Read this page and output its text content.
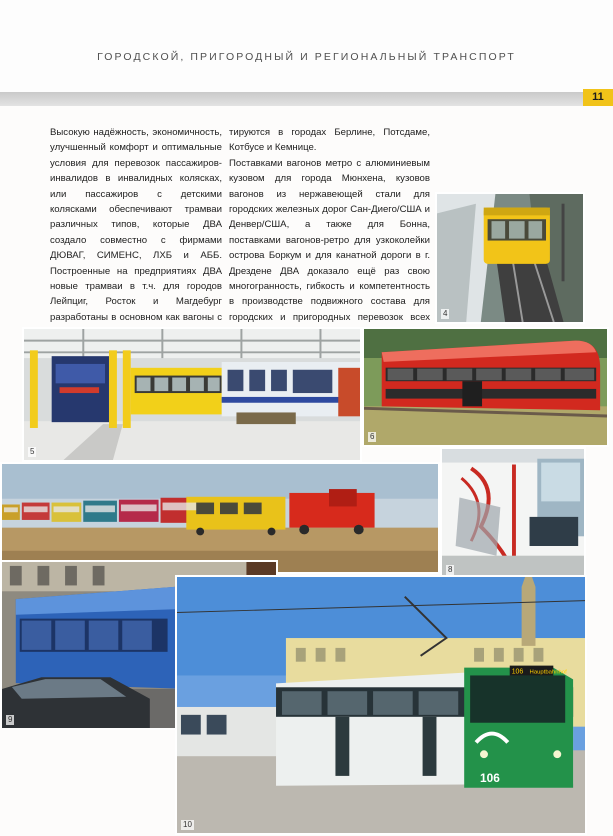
ГОРОДСКОЙ, ПРИГОРОДНЫЙ И РЕГИОНАЛЬНЫЙ ТРАНСПОРТ
11

Высокую надёжность, экономичность, улучшенный комфорт и оптимальные условия для перевозок пассажиров-инвалидов в инвалидных колясках, или пассажиров с детскими колясками обеспечивают трамваи различных типов, которые ДВА создало совместно с фирмами ДЮВАГ, СИМЕНС, ЛХБ и АББ. Построенные на предприятиях ДВА новые трамваи в т.ч. для городов Лейпциг, Росток и Магдебург разработаны в основном как вагоны с

тируются в городах Берлине, Потсдаме, Котбусе и Кемнице.

Поставками вагонов метро с алюминиевым кузовом для города Мюнхена, кузовов вагонов из нержавеющей стали для городских железных дорог Сан-Диего/США и Денвер/США, а также для Бонна, поставками вагонов-ретро для узкоколейки острова Боркум и для канатной дороги в г. Дрездене ДВА доказало ещё раз свою многогранность, гибкость и компетентность в производстве подвижного состава для городских и пригородных перевозок всех 4
5
6
8
9
106 Hauptbahnhof
106
10
